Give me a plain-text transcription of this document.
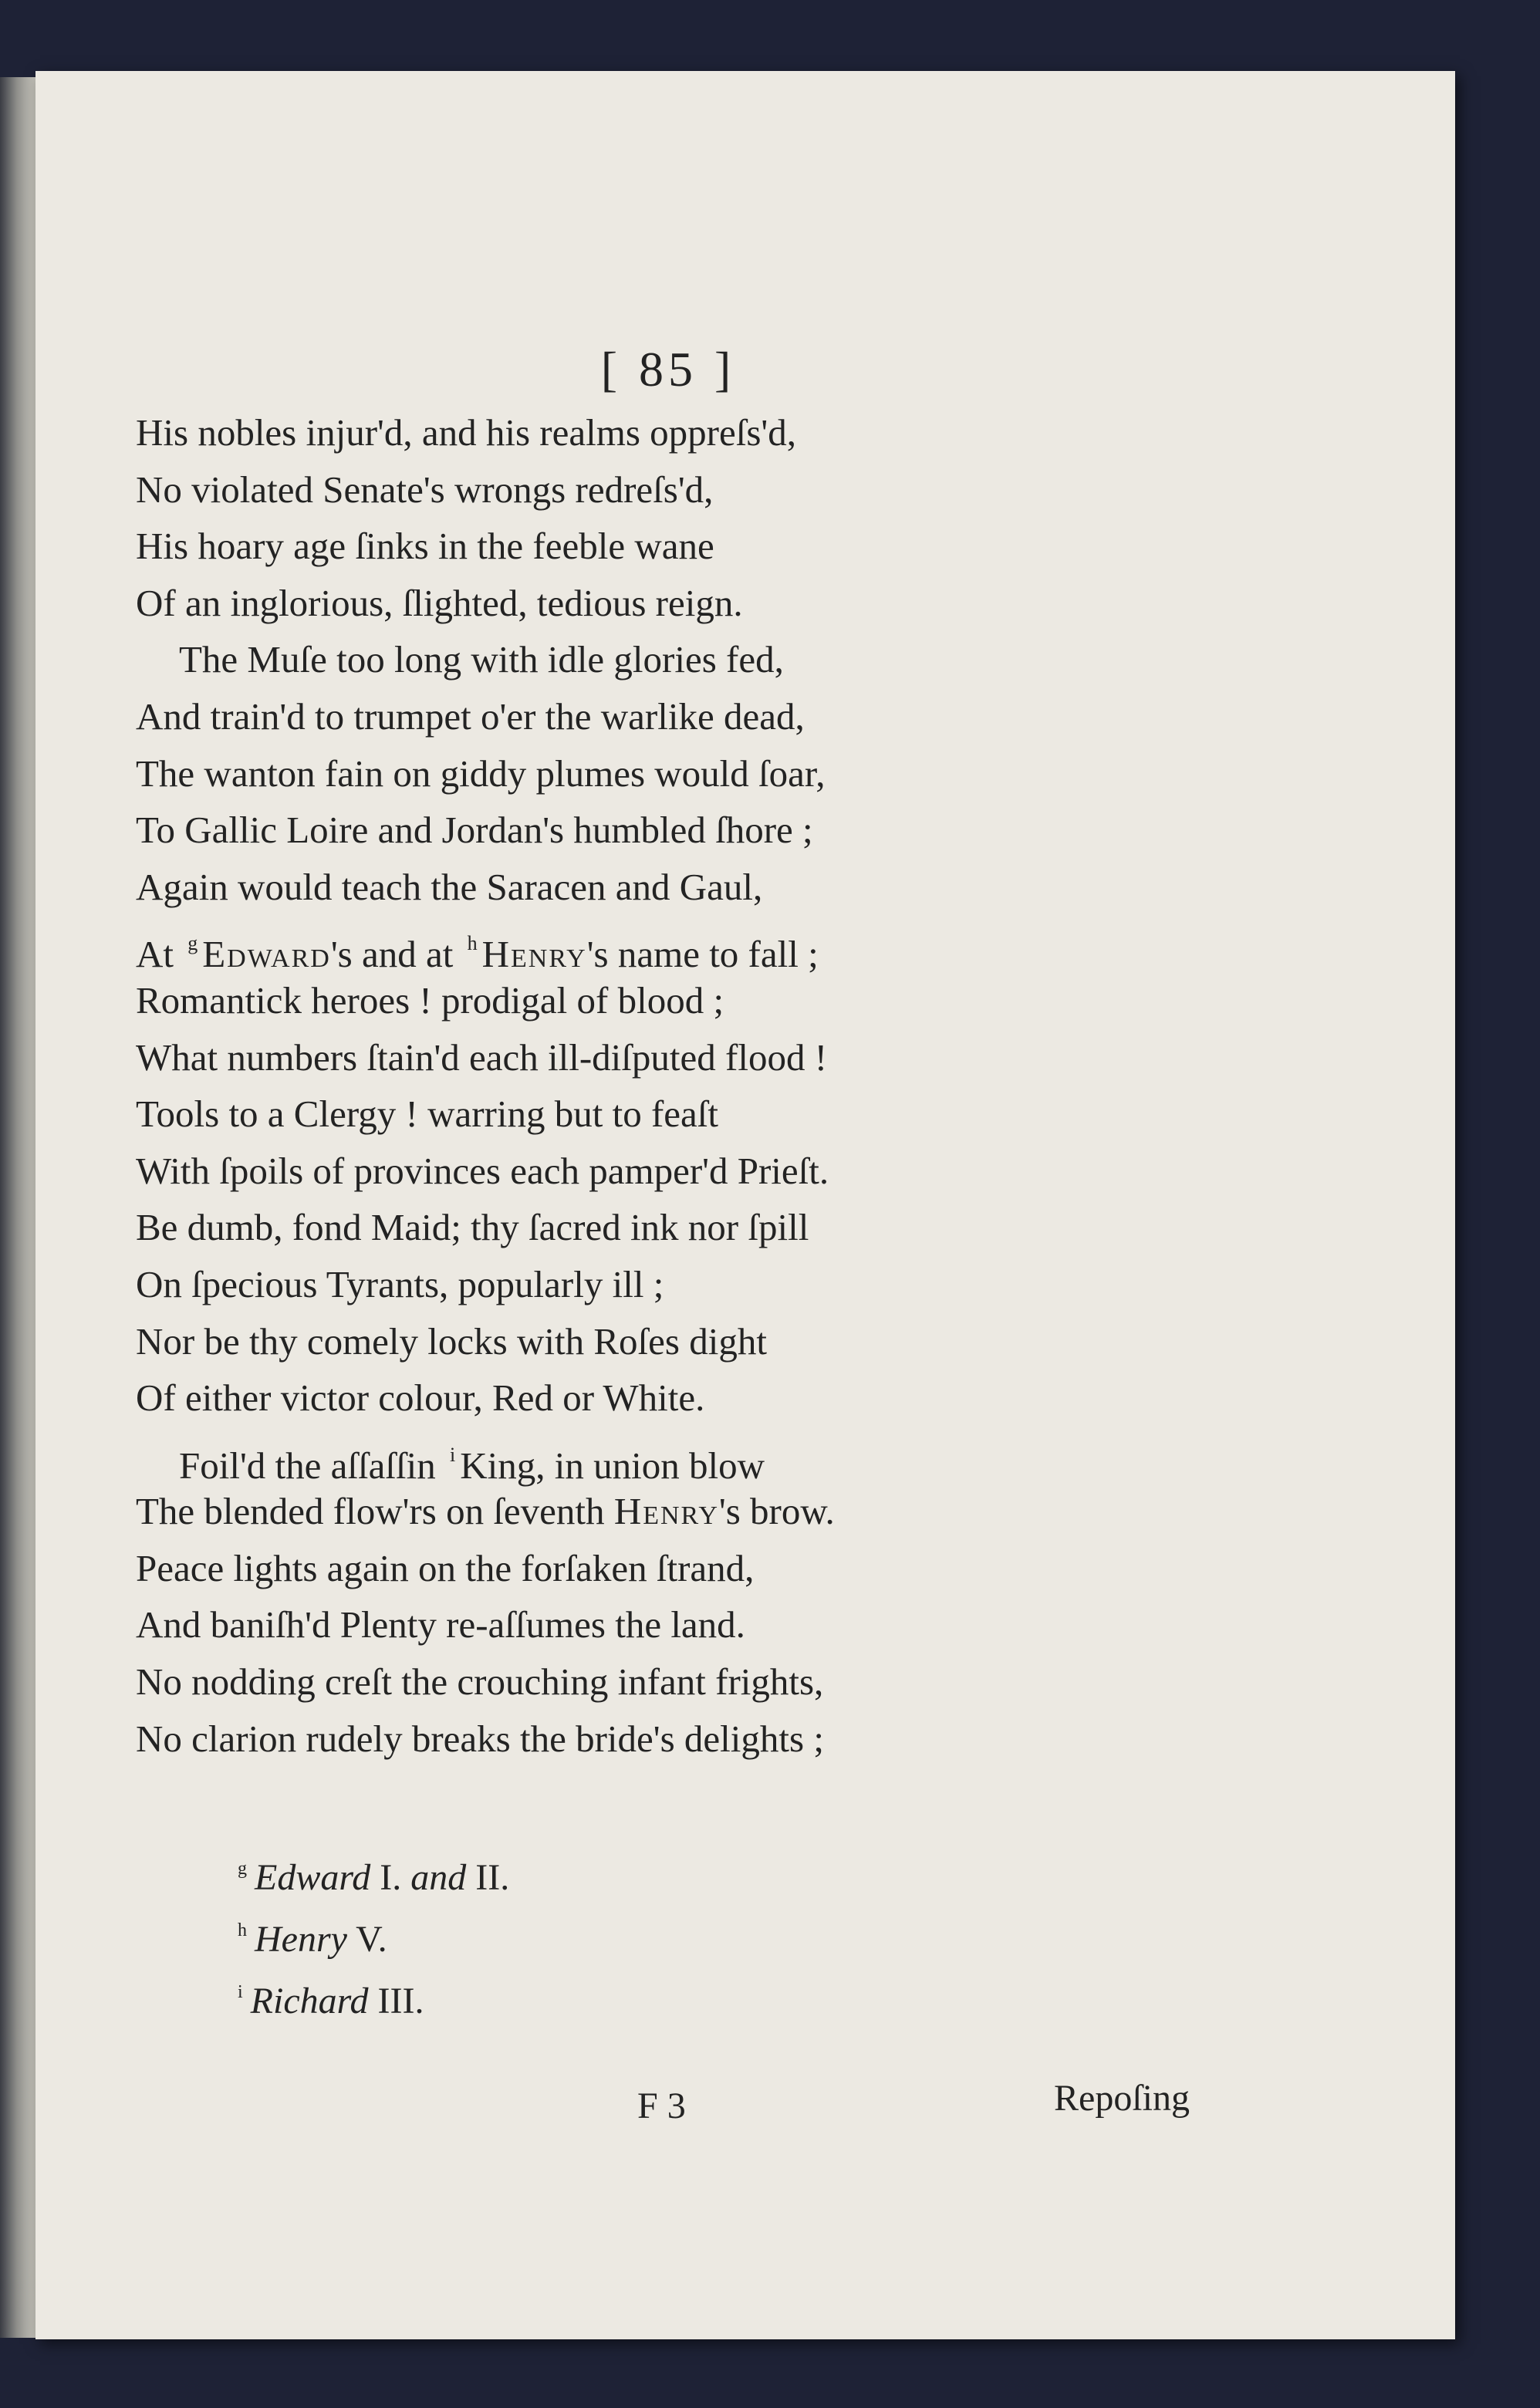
[ 85 ]
His nobles injur'd, and his realms oppreſs'd,
No violated Senate's wrongs redreſs'd,
His hoary age ſinks in the feeble wane
Of an inglorious, ſlighted, tedious reign.
The Muſe too long with idle glories fed,
And train'd to trumpet o'er the warlike dead,
The wanton fain on giddy plumes would ſoar,
To Gallic Loire and Jordan's humbled ſhore ;
Again would teach the Saracen and Gaul,
At $^g$ Edward's and at $^h$ Henry's name to fall ;
Romantick heroes ! prodigal of blood ;
What numbers ſtain'd each ill-diſputed flood !
Tools to a Clergy ! warring but to feaſt
With ſpoils of provinces each pamper'd Prieſt.
Be dumb, fond Maid; thy ſacred ink nor ſpill
On ſpecious Tyrants, popularly ill ;
Nor be thy comely locks with Roſes dight
Of either victor colour, Red or White.
Foil'd the aſſaſſin $^i$ King, in union blow
The blended flow'rs on ſeventh Henry's brow.
Peace lights again on the forſaken ſtrand,
And baniſh'd Plenty re-aſſumes the land.
No nodding creſt the crouching infant frights,
No clarion rudely breaks the bride's delights ;
$^g$ Edward I. and II.
$^h$ Henry V.
$^i$ Richard III.
F 3	Repoſing
